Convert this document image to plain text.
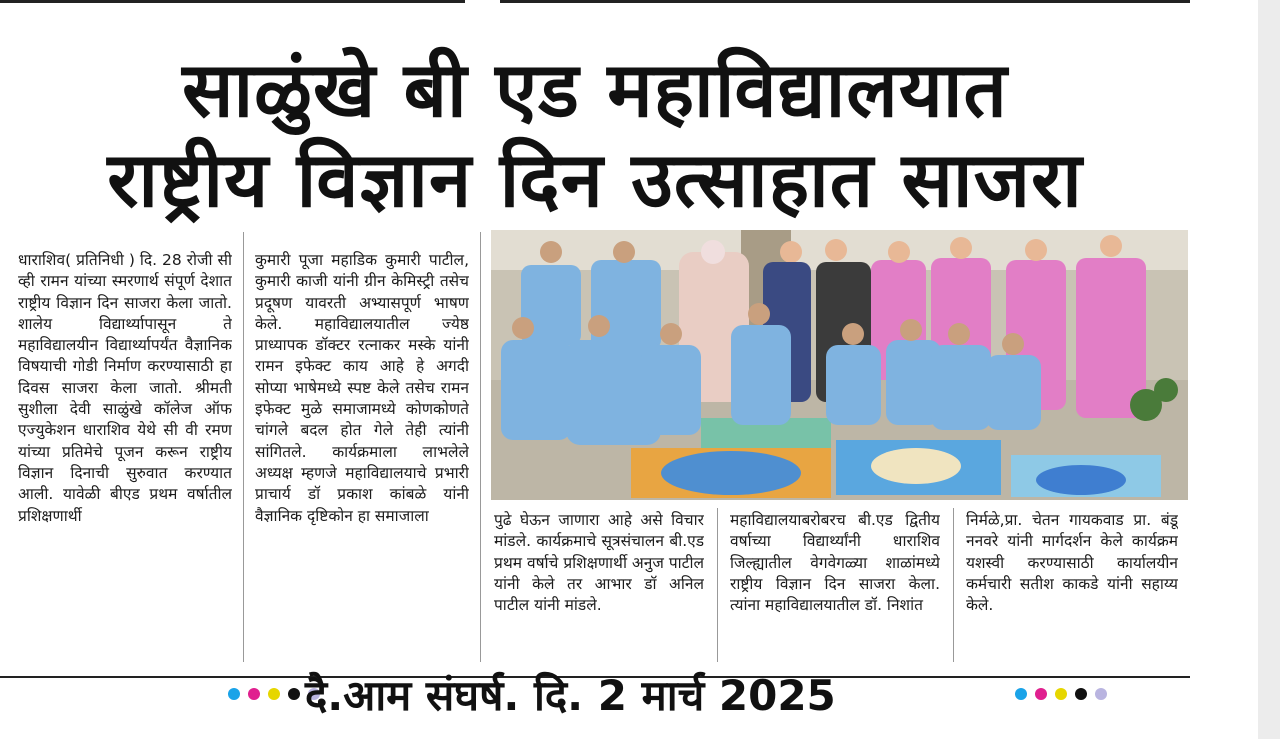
साळुंखे बी एड महाविद्यालयात
राष्ट्रीय विज्ञान दिन उत्साहात साजरा
धाराशिव( प्रतिनिधी ) दि. 28 रोजी सी व्ही रामन यांच्या स्मरणार्थ संपूर्ण देशात राष्ट्रीय विज्ञान दिन साजरा केला जातो. शालेय विद्यार्थ्यापासून ते महाविद्यालयीन विद्यार्थ्यापर्यंत वैज्ञानिक विषयाची गोडी निर्माण करण्यासाठी हा दिवस साजरा केला जातो. श्रीमती सुशीला देवी साळुंखे कॉलेज ऑफ एज्युकेशन धाराशिव येथे सी वी रमण यांच्या प्रतिमेचे पूजन करून राष्ट्रीय विज्ञान दिनाची सुरुवात करण्यात आली. यावेळी बीएड प्रथम वर्षातील प्रशिक्षणार्थी
कुमारी पूजा महाडिक कुमारी पाटील, कुमारी काजी यांनी ग्रीन केमिस्ट्री तसेच प्रदूषण यावरती अभ्यासपूर्ण भाषण केले. महाविद्यालयातील ज्येष्ठ प्राध्यापक डॉक्टर रत्नाकर मस्के यांनी रामन इफेक्ट काय आहे हे अगदी सोप्या भाषेमध्ये स्पष्ट केले तसेच रामन इफेक्ट मुळे समाजामध्ये कोणकोणते चांगले बदल होत गेले तेही त्यांनी सांगितले. कार्यक्रमाला लाभलेले अध्यक्ष म्हणजे महाविद्यालयाचे प्रभारी प्राचार्य डॉ प्रकाश कांबळे यांनी वैज्ञानिक दृष्टिकोन हा समाजाला	पुढे घेऊन जाणारा आहे असे विचार मांडले. कार्यक्रमाचे सूत्रसंचालन बी.एड प्रथम वर्षाचे प्रशिक्षणार्थी अनुज पाटील यांनी केले तर आभार डॉ अनिल पाटील यांनी मांडले.
महाविद्यालयाबरोबरच बी.एड द्वितीय वर्षाच्या विद्यार्थ्यांनी धाराशिव जिल्ह्यातील वेगवेगळ्या शाळांमध्ये राष्ट्रीय विज्ञान दिन साजरा केला. त्यांना महाविद्यालयातील डॉ. निशांत
निर्मळे,प्रा. चेतन गायकवाड प्रा. बंडू ननवरे यांनी मार्गदर्शन केले कार्यक्रम यशस्वी करण्यासाठी कार्यालयीन कर्मचारी सतीश काकडे यांनी सहाय्य केले.
दै.आम संघर्ष. दि. 2 मार्च 2025
